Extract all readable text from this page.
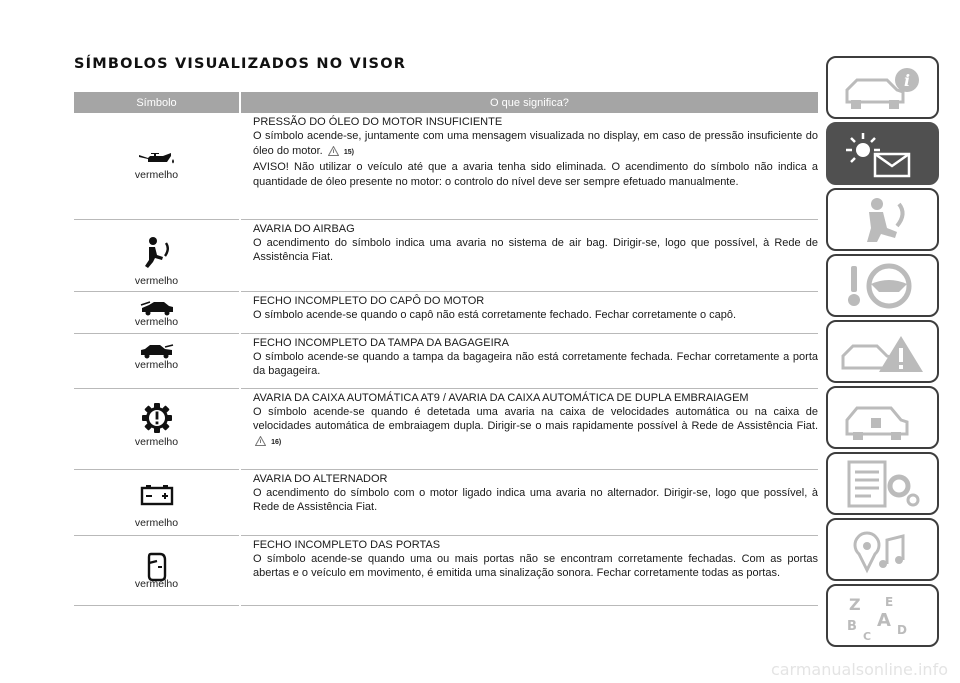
SÍMBOLOS VISUALIZADOS NO VISOR
Símbolo	O que significa?

vermelho	PRESSÃO DO ÓLEO DO MOTOR INSUFICIENTE
O símbolo acende-se, juntamente com uma mensagem visualizada no display, em caso de pressão insuficiente do óleo do motor. 15)
AVISO! Não utilizar o veículo até que a avaria tenha sido eliminada. O acendimento do símbolo não indica a quantidade de óleo presente no motor: o controlo do nível deve ser sempre efetuado manualmente.

vermelho	AVARIA DO AIRBAG
O acendimento do símbolo indica uma avaria no sistema de air bag. Dirigir-se, logo que possível, à Rede de Assistência Fiat.

vermelho	FECHO INCOMPLETO DO CAPÔ DO MOTOR
O símbolo acende-se quando o capô não está corretamente fechado. Fechar corretamente o capô.

vermelho	FECHO INCOMPLETO DA TAMPA DA BAGAGEIRA
O símbolo acende-se quando a tampa da bagageira não está corretamente fechada. Fechar corretamente a porta da bagageira.

vermelho	AVARIA DA CAIXA AUTOMÁTICA AT9 / AVARIA DA CAIXA AUTOMÁTICA DE DUPLA EMBRAIAGEM
O símbolo acende-se quando é detetada uma avaria na caixa de velocidades automática ou na caixa de velocidades automática de embraiagem dupla. Dirigir-se o mais rapidamente possível à Rede de Assistência Fiat.  16)

vermelho	AVARIA DO ALTERNADOR
O acendimento do símbolo com o motor ligado indica uma avaria no alternador. Dirigir-se, logo que possível, à Rede de Assistência Fiat.

vermelho	FECHO INCOMPLETO DAS PORTAS
O símbolo acende-se quando uma ou mais portas não se encontram corretamente fechadas. Com as portas abertas e o veículo em movimento, é emitida uma sinalização sonora. Fechar corretamente todas as portas.
i
Z E
B A
C D
carmanualsonline.info
